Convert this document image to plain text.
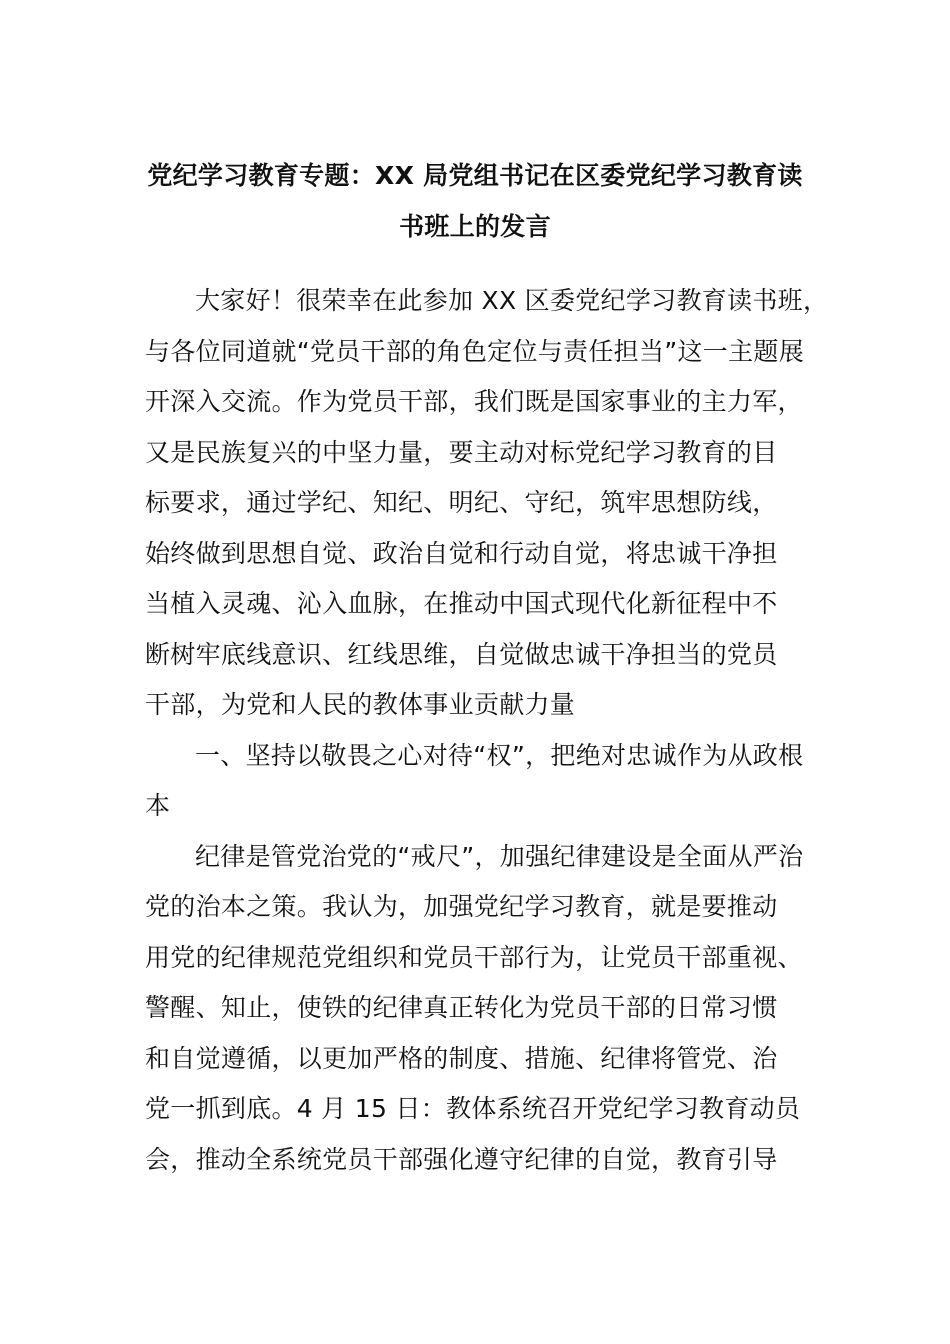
党纪学习教育专题：XX 局党组书记在区委党纪学习教育读
书班上的发言
大家好！很荣幸在此参加 XX 区委党纪学习教育读书班，
与各位同道就“党员干部的角色定位与责任担当”这一主题展
开深入交流。作为党员干部，我们既是国家事业的主力军，
又是民族复兴的中坚力量，要主动对标党纪学习教育的目
标要求，通过学纪、知纪、明纪、守纪，筑牢思想防线，
始终做到思想自觉、政治自觉和行动自觉，将忠诚干净担
当植入灵魂、沁入血脉，在推动中国式现代化新征程中不
断树牢底线意识、红线思维，自觉做忠诚干净担当的党员
干部，为党和人民的教体事业贡献力量
一、坚持以敬畏之心对待“权”，把绝对忠诚作为从政根
本
纪律是管党治党的“戒尺”，加强纪律建设是全面从严治
党的治本之策。我认为，加强党纪学习教育，就是要推动
用党的纪律规范党组织和党员干部行为，让党员干部重视、
警醒、知止，使铁的纪律真正转化为党员干部的日常习惯
和自觉遵循，以更加严格的制度、措施、纪律将管党、治
党一抓到底。4 月 15 日：教体系统召开党纪学习教育动员
会，推动全系统党员干部强化遵守纪律的自觉，教育引导
